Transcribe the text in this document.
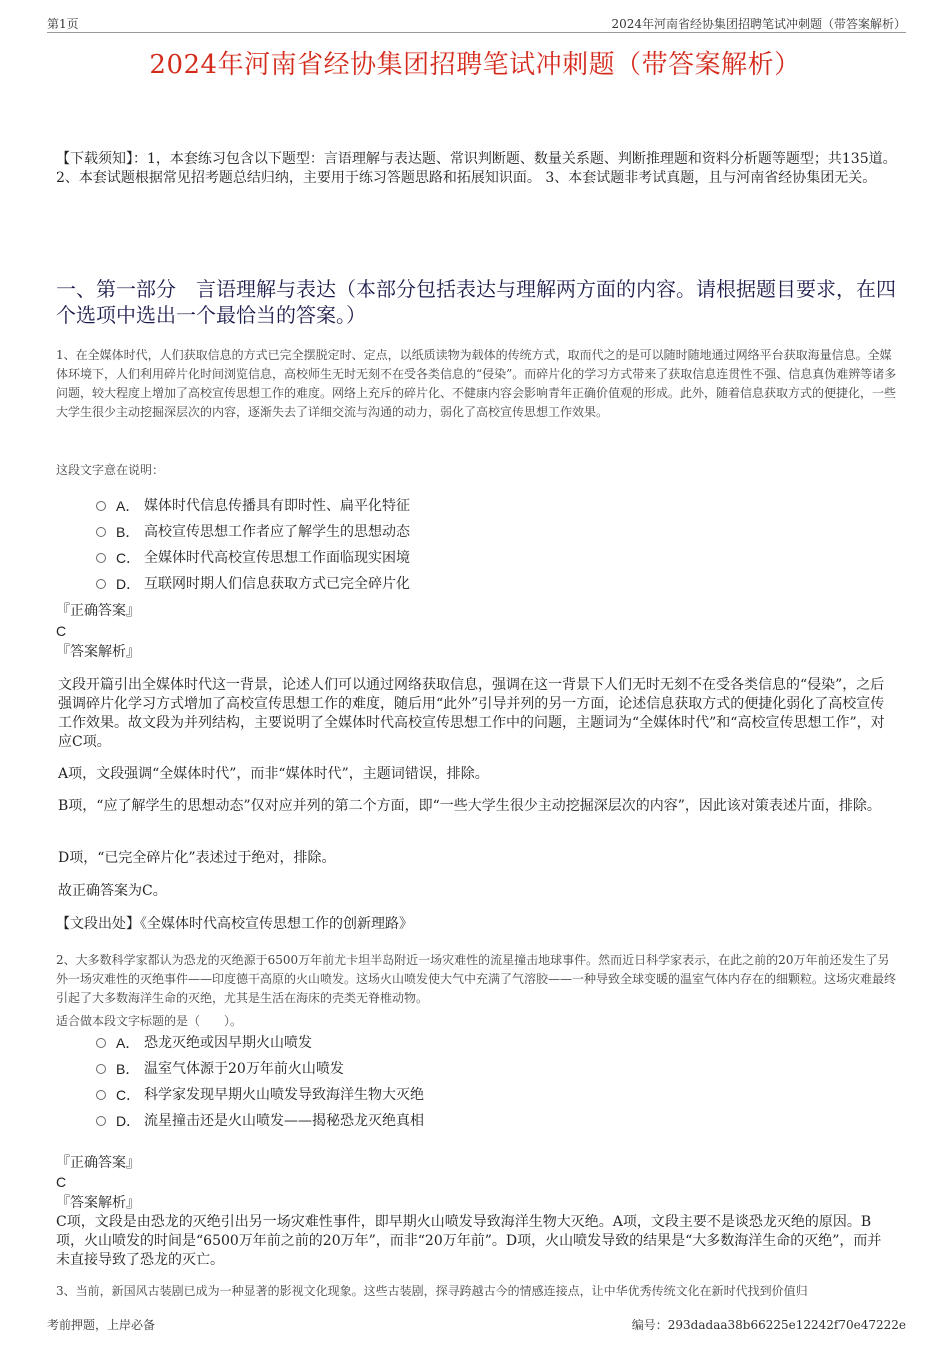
第1页	2024年河南省经协集团招聘笔试冲刺题（带答案解析）
2024年河南省经协集团招聘笔试冲刺题（带答案解析）
【下载须知】：1，本套练习包含以下题型：言语理解与表达题、常识判断题、数量关系题、判断推理题和资料分析题等题型；共135道。 2、本套试题根据常见招考题总结归纳，主要用于练习答题思路和拓展知识面。 3、本套试题非考试真题，且与河南省经协集团无关。
一、第一部分　言语理解与表达（本部分包括表达与理解两方面的内容。请根据题目要求，在四个选项中选出一个最恰当的答案。）
1、在全媒体时代，人们获取信息的方式已完全摆脱定时、定点，以纸质读物为载体的传统方式，取而代之的是可以随时随地通过网络平台获取海量信息。全媒体环境下，人们利用碎片化时间浏览信息，高校师生无时无刻不在受各类信息的“侵染”。而碎片化的学习方式带来了获取信息连贯性不强、信息真伪难辨等诸多问题，较大程度上增加了高校宣传思想工作的难度。网络上充斥的碎片化、不健康内容会影响青年正确价值观的形成。此外，随着信息获取方式的便捷化，一些大学生很少主动挖掘深层次的内容，逐渐失去了详细交流与沟通的动力，弱化了高校宣传思想工作效果。
这段文字意在说明：
A． 媒体时代信息传播具有即时性、扁平化特征
B． 高校宣传思想工作者应了解学生的思想动态
C． 全媒体时代高校宣传思想工作面临现实困境
D． 互联网时期人们信息获取方式已完全碎片化
『正确答案』
C
『答案解析』
文段开篇引出全媒体时代这一背景，论述人们可以通过网络获取信息，强调在这一背景下人们无时无刻不在受各类信息的“侵染”，之后强调碎片化学习方式增加了高校宣传思想工作的难度，随后用“此外”引导并列的另一方面，论述信息获取方式的便捷化弱化了高校宣传工作效果。故文段为并列结构，主要说明了全媒体时代高校宣传思想工作中的问题，主题词为“全媒体时代”和“高校宣传思想工作”，对应C项。
A项，文段强调“全媒体时代”，而非“媒体时代”，主题词错误，排除。
B项，“应了解学生的思想动态”仅对应并列的第二个方面，即“一些大学生很少主动挖掘深层次的内容”，因此该对策表述片面，排除。
D项，“已完全碎片化”表述过于绝对，排除。
故正确答案为C。
【文段出处】《全媒体时代高校宣传思想工作的创新理路》
2、大多数科学家都认为恐龙的灭绝源于6500万年前尤卡坦半岛附近一场灾难性的流星撞击地球事件。然而近日科学家表示，在此之前的20万年前还发生了另外一场灾难性的灭绝事件——印度德干高原的火山喷发。这场火山喷发使大气中充满了气溶胶——一种导致全球变暖的温室气体内存在的细颗粒。这场灾难最终引起了大多数海洋生命的灭绝，尤其是生活在海床的壳类无脊椎动物。
适合做本段文字标题的是（　　）。
A． 恐龙灭绝或因早期火山喷发
B． 温室气体源于20万年前火山喷发
C． 科学家发现早期火山喷发导致海洋生物大灭绝
D． 流星撞击还是火山喷发——揭秘恐龙灭绝真相
『正确答案』
C
『答案解析』
C项，文段是由恐龙的灭绝引出另一场灾难性事件，即早期火山喷发导致海洋生物大灭绝。A项，文段主要不是谈恐龙灭绝的原因。B项，火山喷发的时间是“6500万年前之前的20万年”，而非“20万年前”。D项，火山喷发导致的结果是“大多数海洋生命的灭绝”，而并未直接导致了恐龙的灭亡。
3、当前，新国风古装剧已成为一种显著的影视文化现象。这些古装剧，探寻跨越古今的情感连接点，让中华优秀传统文化在新时代找到价值归
考前押题，上岸必备	编号：293dadaa38b66225e12242f70e47222e
